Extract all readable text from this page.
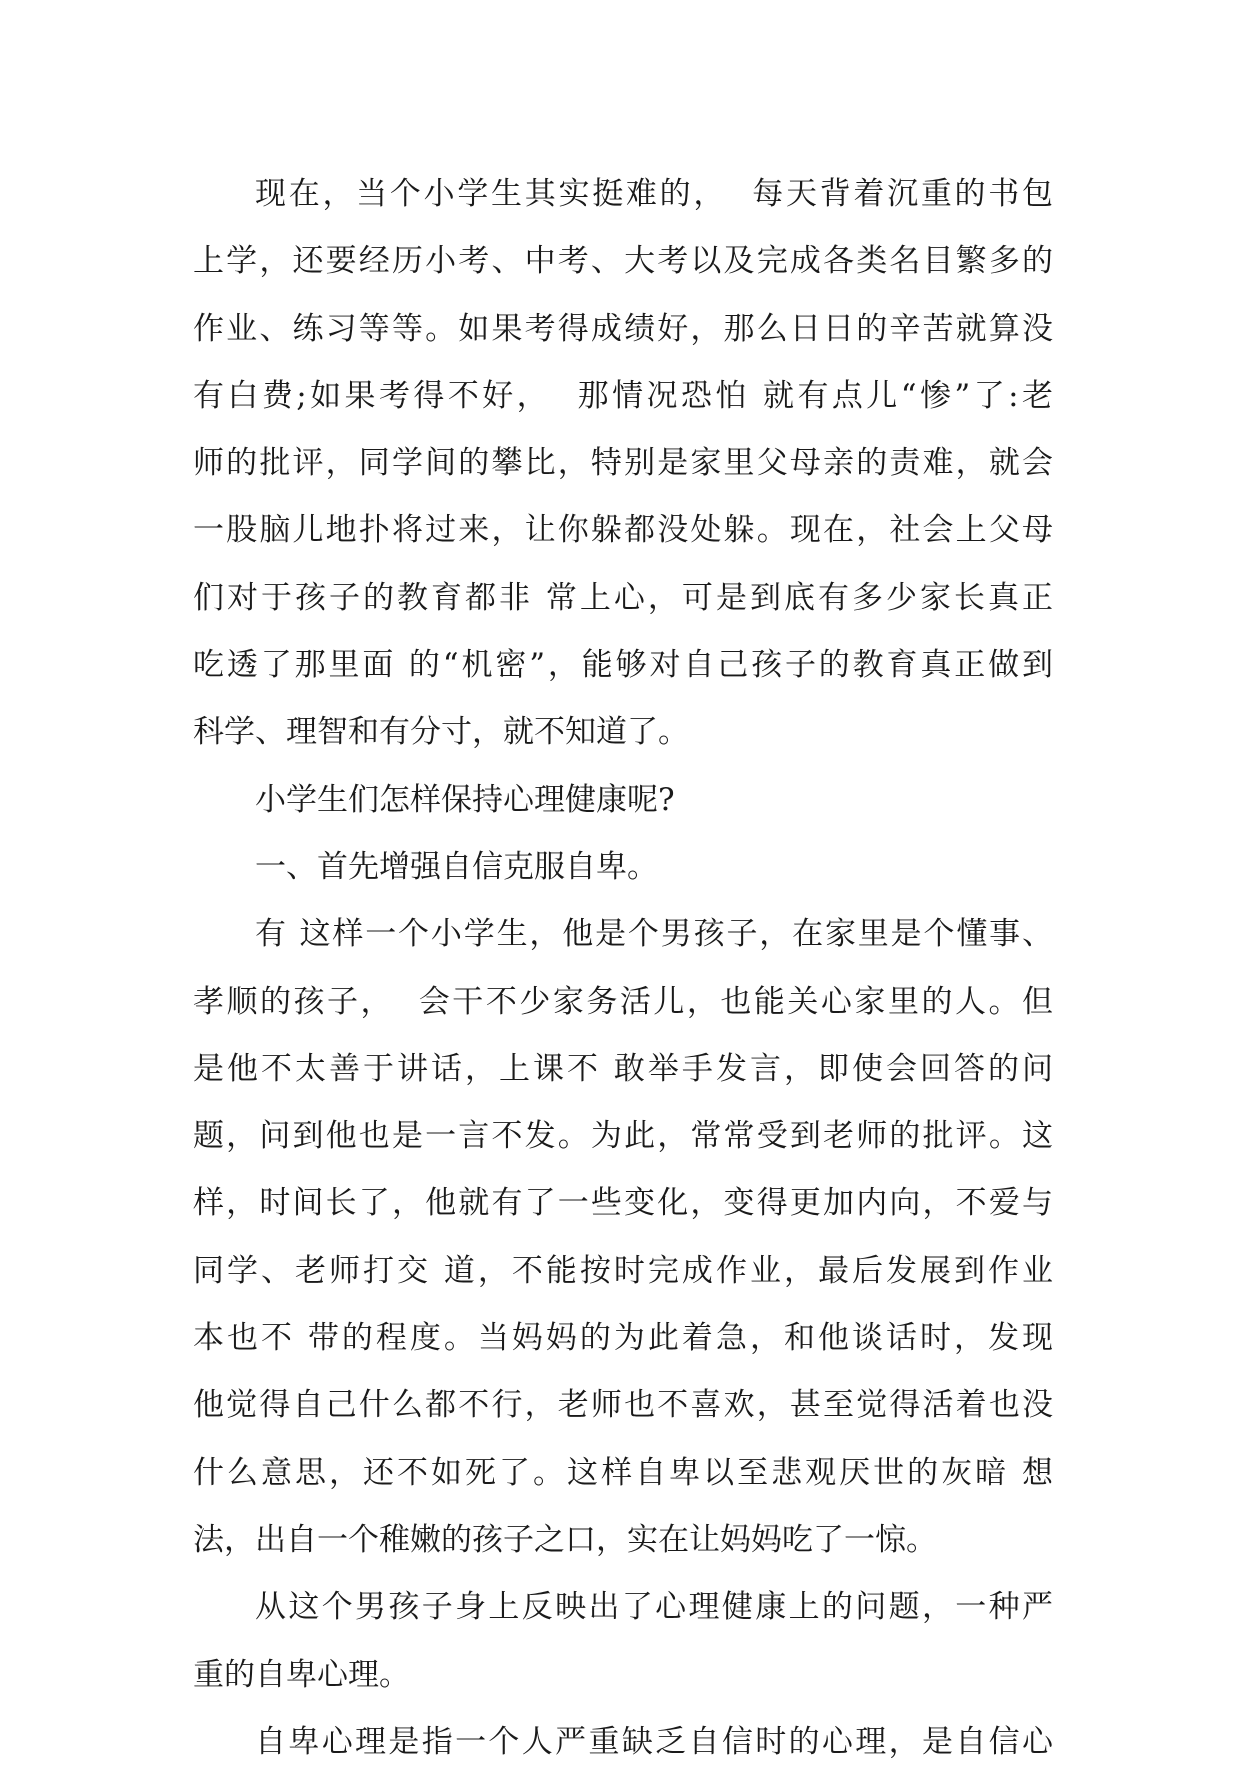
现在，当个小学生其实挺难的，  每天背着沉重的书包
上学，还要经历小考、中考、大考以及完成各类名目繁多的
作业、练习等等。如果考得成绩好，那么日日的辛苦就算没
有白费;如果考得不好，  那情况恐怕 就有点儿“惨”了:老
师的批评，同学间的攀比，特别是家里父母亲的责难，就会
一股脑儿地扑将过来，让你躲都没处躲。现在，社会上父母
们对于孩子的教育都非 常上心，可是到底有多少家长真正
吃透了那里面 的“机密”，能够对自己孩子的教育真正做到
科学、理智和有分寸，就不知道了。
小学生们怎样保持心理健康呢?
一、首先增强自信克服自卑。
有 这样一个小学生，他是个男孩子，在家里是个懂事、
孝顺的孩子，  会干不少家务活儿，也能关心家里的人。但
是他不太善于讲话，上课不 敢举手发言，即使会回答的问
题，问到他也是一言不发。为此，常常受到老师的批评。这
样，时间长了，他就有了一些变化，变得更加内向，不爱与
同学、老师打交 道，不能按时完成作业，最后发展到作业
本也不 带的程度。当妈妈的为此着急，和他谈话时，发现
他觉得自己什么都不行，老师也不喜欢，甚至觉得活着也没
什么意思，还不如死了。这样自卑以至悲观厌世的灰暗 想
法，出自一个稚嫩的孩子之口，实在让妈妈吃了一惊。
从这个男孩子身上反映出了心理健康上的问题，一种严
重的自卑心理。
自卑心理是指一个人严重缺乏自信时的心理，是自信心
